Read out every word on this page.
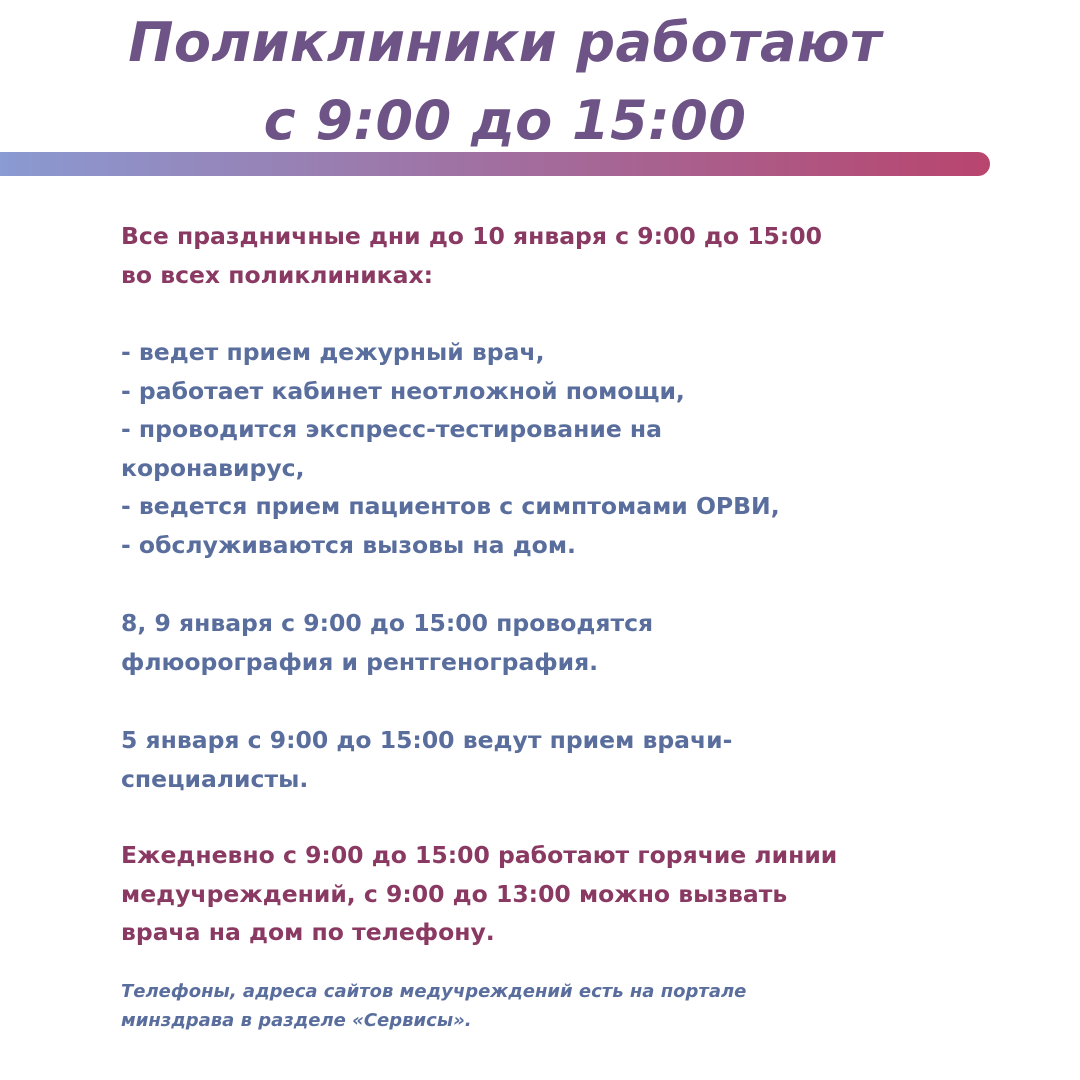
Поликлиники работают
с 9:00 до 15:00
Все праздничные дни до 10 января с 9:00 до 15:00
во всех поликлиниках:
- ведет прием дежурный врач,
- работает кабинет неотложной помощи,
- проводится экспресс-тестирование на
коронавирус,
- ведется прием пациентов с симптомами ОРВИ,
- обслуживаются вызовы на дом.
8, 9 января с 9:00 до 15:00 проводятся
флюорография и рентгенография.
5 января с 9:00 до 15:00 ведут прием врачи-
специалисты.
Ежедневно с 9:00 до 15:00 работают горячие линии
медучреждений, с 9:00 до 13:00 можно вызвать
врача на дом по телефону.
Телефоны, адреса сайтов медучреждений есть на портале
минздрава в разделе «Сервисы».
